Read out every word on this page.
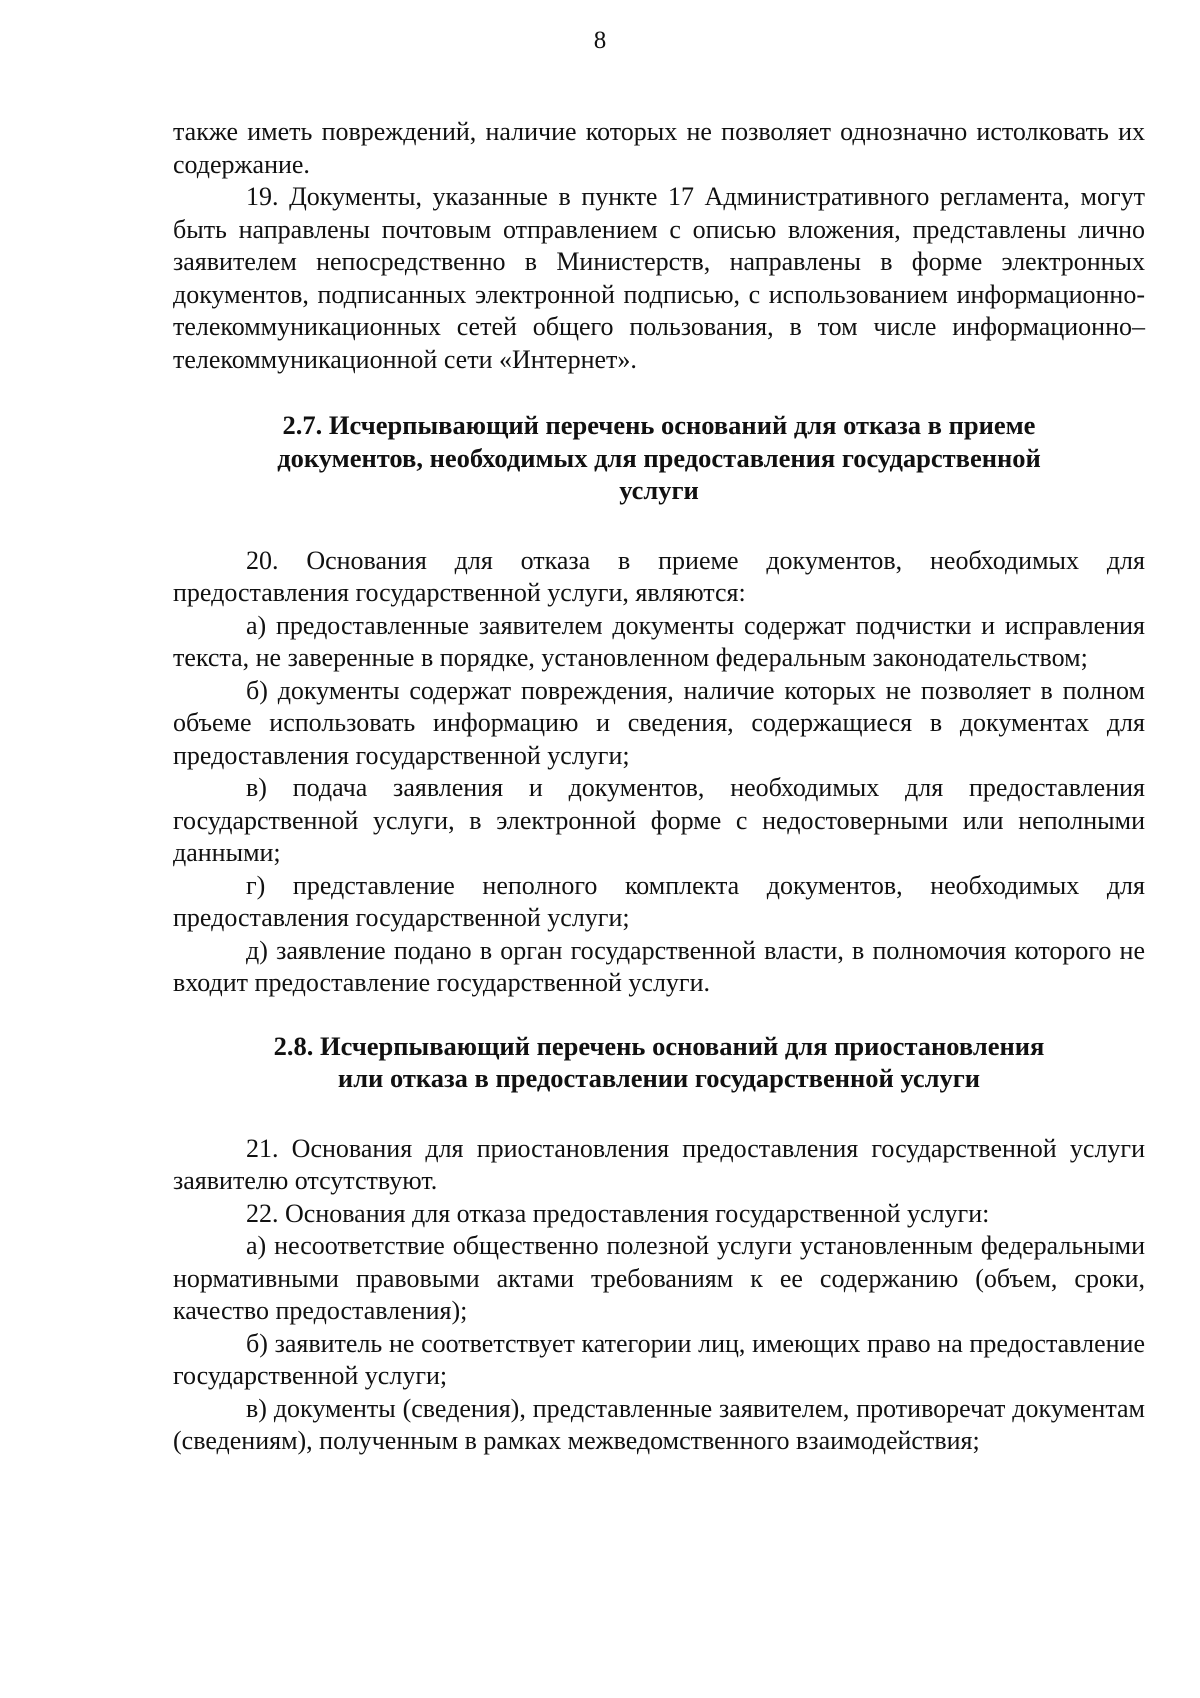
8

также иметь повреждений, наличие которых не позволяет однозначно истолковать их содержание.

19. Документы, указанные в пункте 17 Административного регламента, могут быть направлены почтовым отправлением с описью вложения, представлены лично заявителем непосредственно в Министерств, направлены в форме электронных документов, подписанных электронной подписью, с использованием информационно-телекоммуникационных сетей общего пользования, в том числе информационно–телекоммуникационной сети «Интернет».

2.7. Исчерпывающий перечень оснований для отказа в приеме
документов, необходимых для предоставления государственной
услуги

20. Основания для отказа в приеме документов, необходимых для предоставления государственной услуги, являются:

а) предоставленные заявителем документы содержат подчистки и исправления текста, не заверенные в порядке, установленном федеральным законодательством;

б) документы содержат повреждения, наличие которых не позволяет в полном объеме использовать информацию и сведения, содержащиеся в документах для предоставления государственной услуги;

в) подача заявления и документов, необходимых для предоставления государственной услуги, в электронной форме с недостоверными или неполными данными;

г) представление неполного комплекта документов, необходимых для предоставления государственной услуги;

д) заявление подано в орган государственной власти, в полномочия которого не входит предоставление государственной услуги.

2.8. Исчерпывающий перечень оснований для приостановления
или отказа в предоставлении государственной услуги

21. Основания для приостановления предоставления государственной услуги заявителю отсутствуют.

22. Основания для отказа предоставления государственной услуги:

а) несоответствие общественно полезной услуги установленным федеральными нормативными правовыми актами требованиям к ее содержанию (объем, сроки, качество предоставления);

б) заявитель не соответствует категории лиц, имеющих право на предоставление государственной услуги;

в) документы (сведения), представленные заявителем, противоречат документам (сведениям), полученным в рамках межведомственного взаимодействия;
